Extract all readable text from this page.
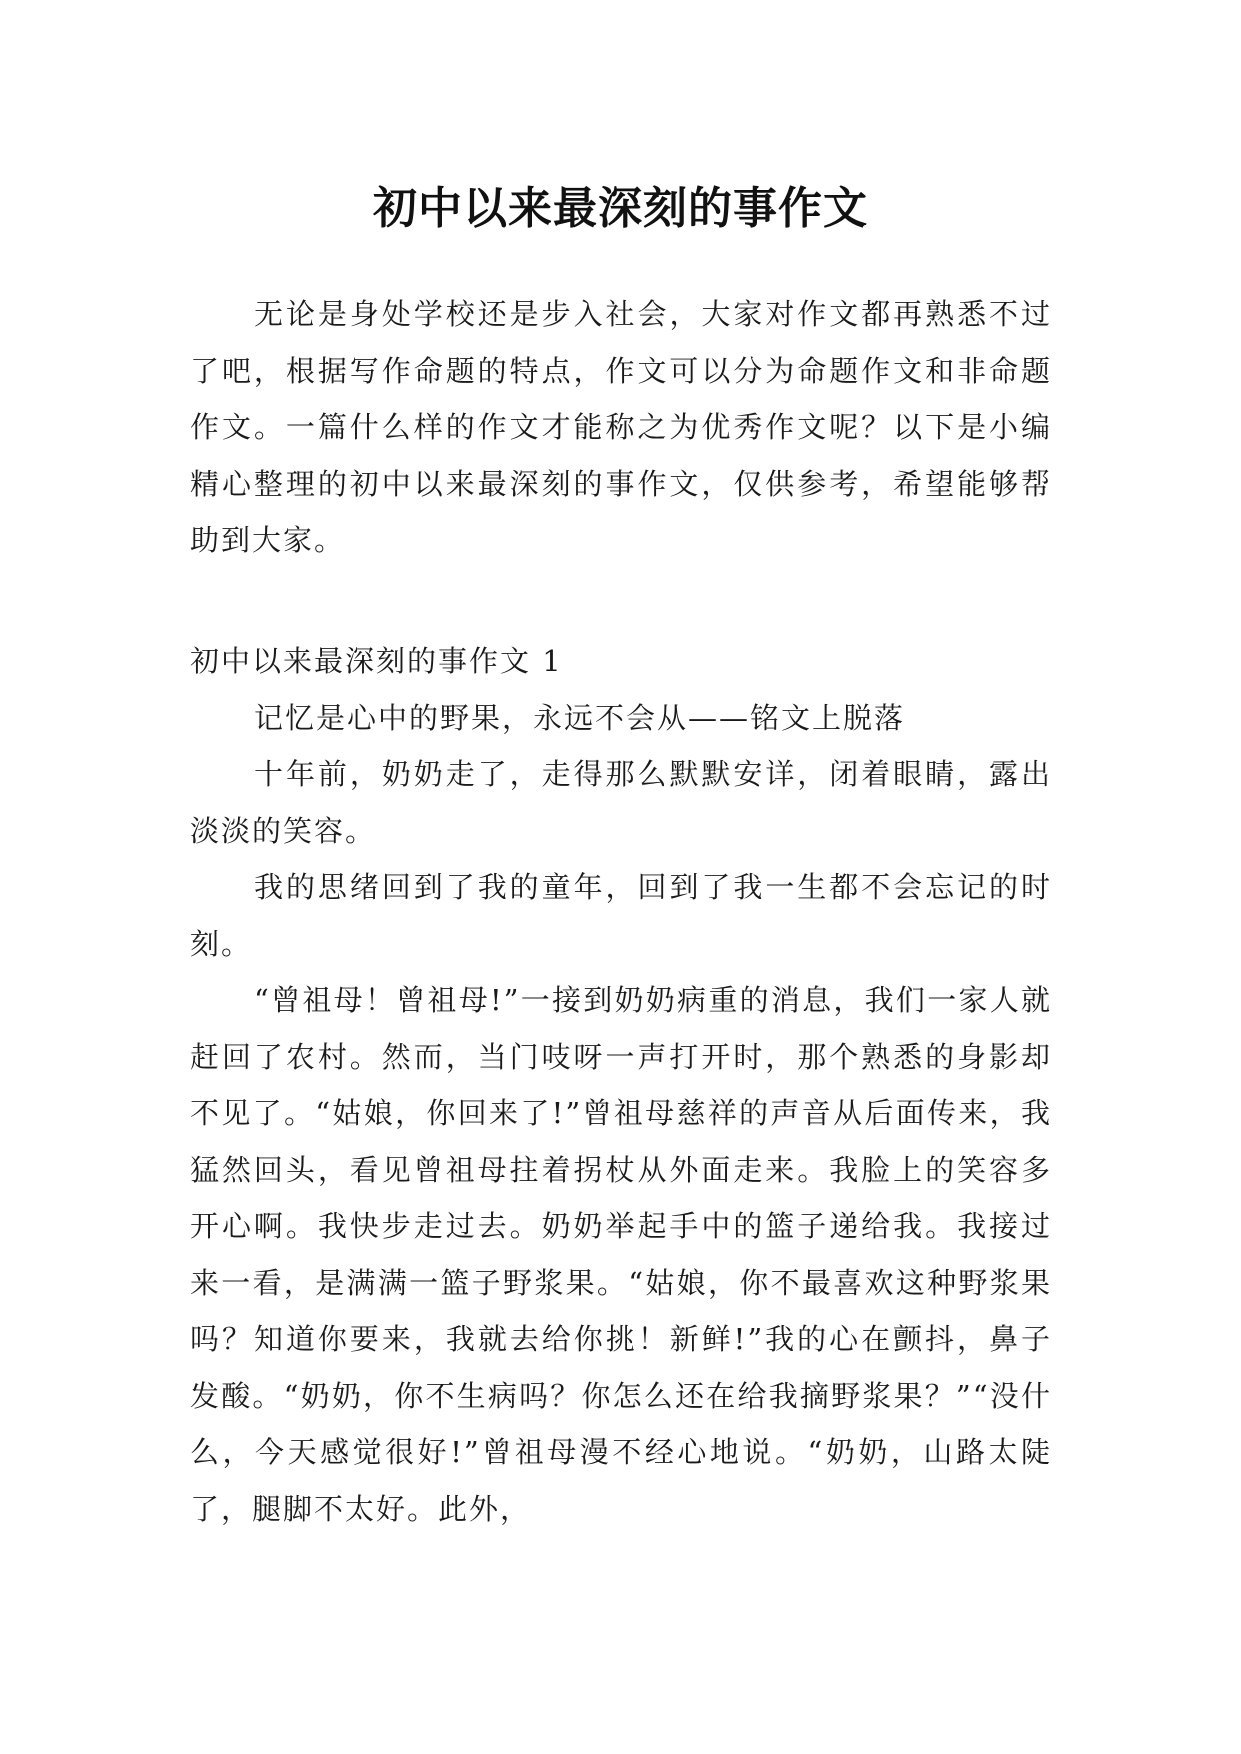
初中以来最深刻的事作文

无论是身处学校还是步入社会，大家对作文都再熟悉不过了吧，根据写作命题的特点，作文可以分为命题作文和非命题作文。一篇什么样的作文才能称之为优秀作文呢？以下是小编精心整理的初中以来最深刻的事作文，仅供参考，希望能够帮助到大家。

初中以来最深刻的事作文 1

记忆是心中的野果，永远不会从——铭文上脱落

十年前，奶奶走了，走得那么默默安详，闭着眼睛，露出淡淡的笑容。

我的思绪回到了我的童年，回到了我一生都不会忘记的时刻。

“曾祖母！曾祖母!”一接到奶奶病重的消息，我们一家人就赶回了农村。然而，当门吱呀一声打开时，那个熟悉的身影却不见了。“姑娘，你回来了!”曾祖母慈祥的声音从后面传来，我猛然回头，看见曾祖母拄着拐杖从外面走来。我脸上的笑容多开心啊。我快步走过去。奶奶举起手中的篮子递给我。我接过来一看，是满满一篮子野浆果。“姑娘，你不最喜欢这种野浆果吗？知道你要来，我就去给你挑！新鲜!”我的心在颤抖，鼻子发酸。“奶奶，你不生病吗？你怎么还在给我摘野浆果？”“没什么，今天感觉很好!”曾祖母漫不经心地说。“奶奶，山路太陡了，腿脚不太好。此外，
